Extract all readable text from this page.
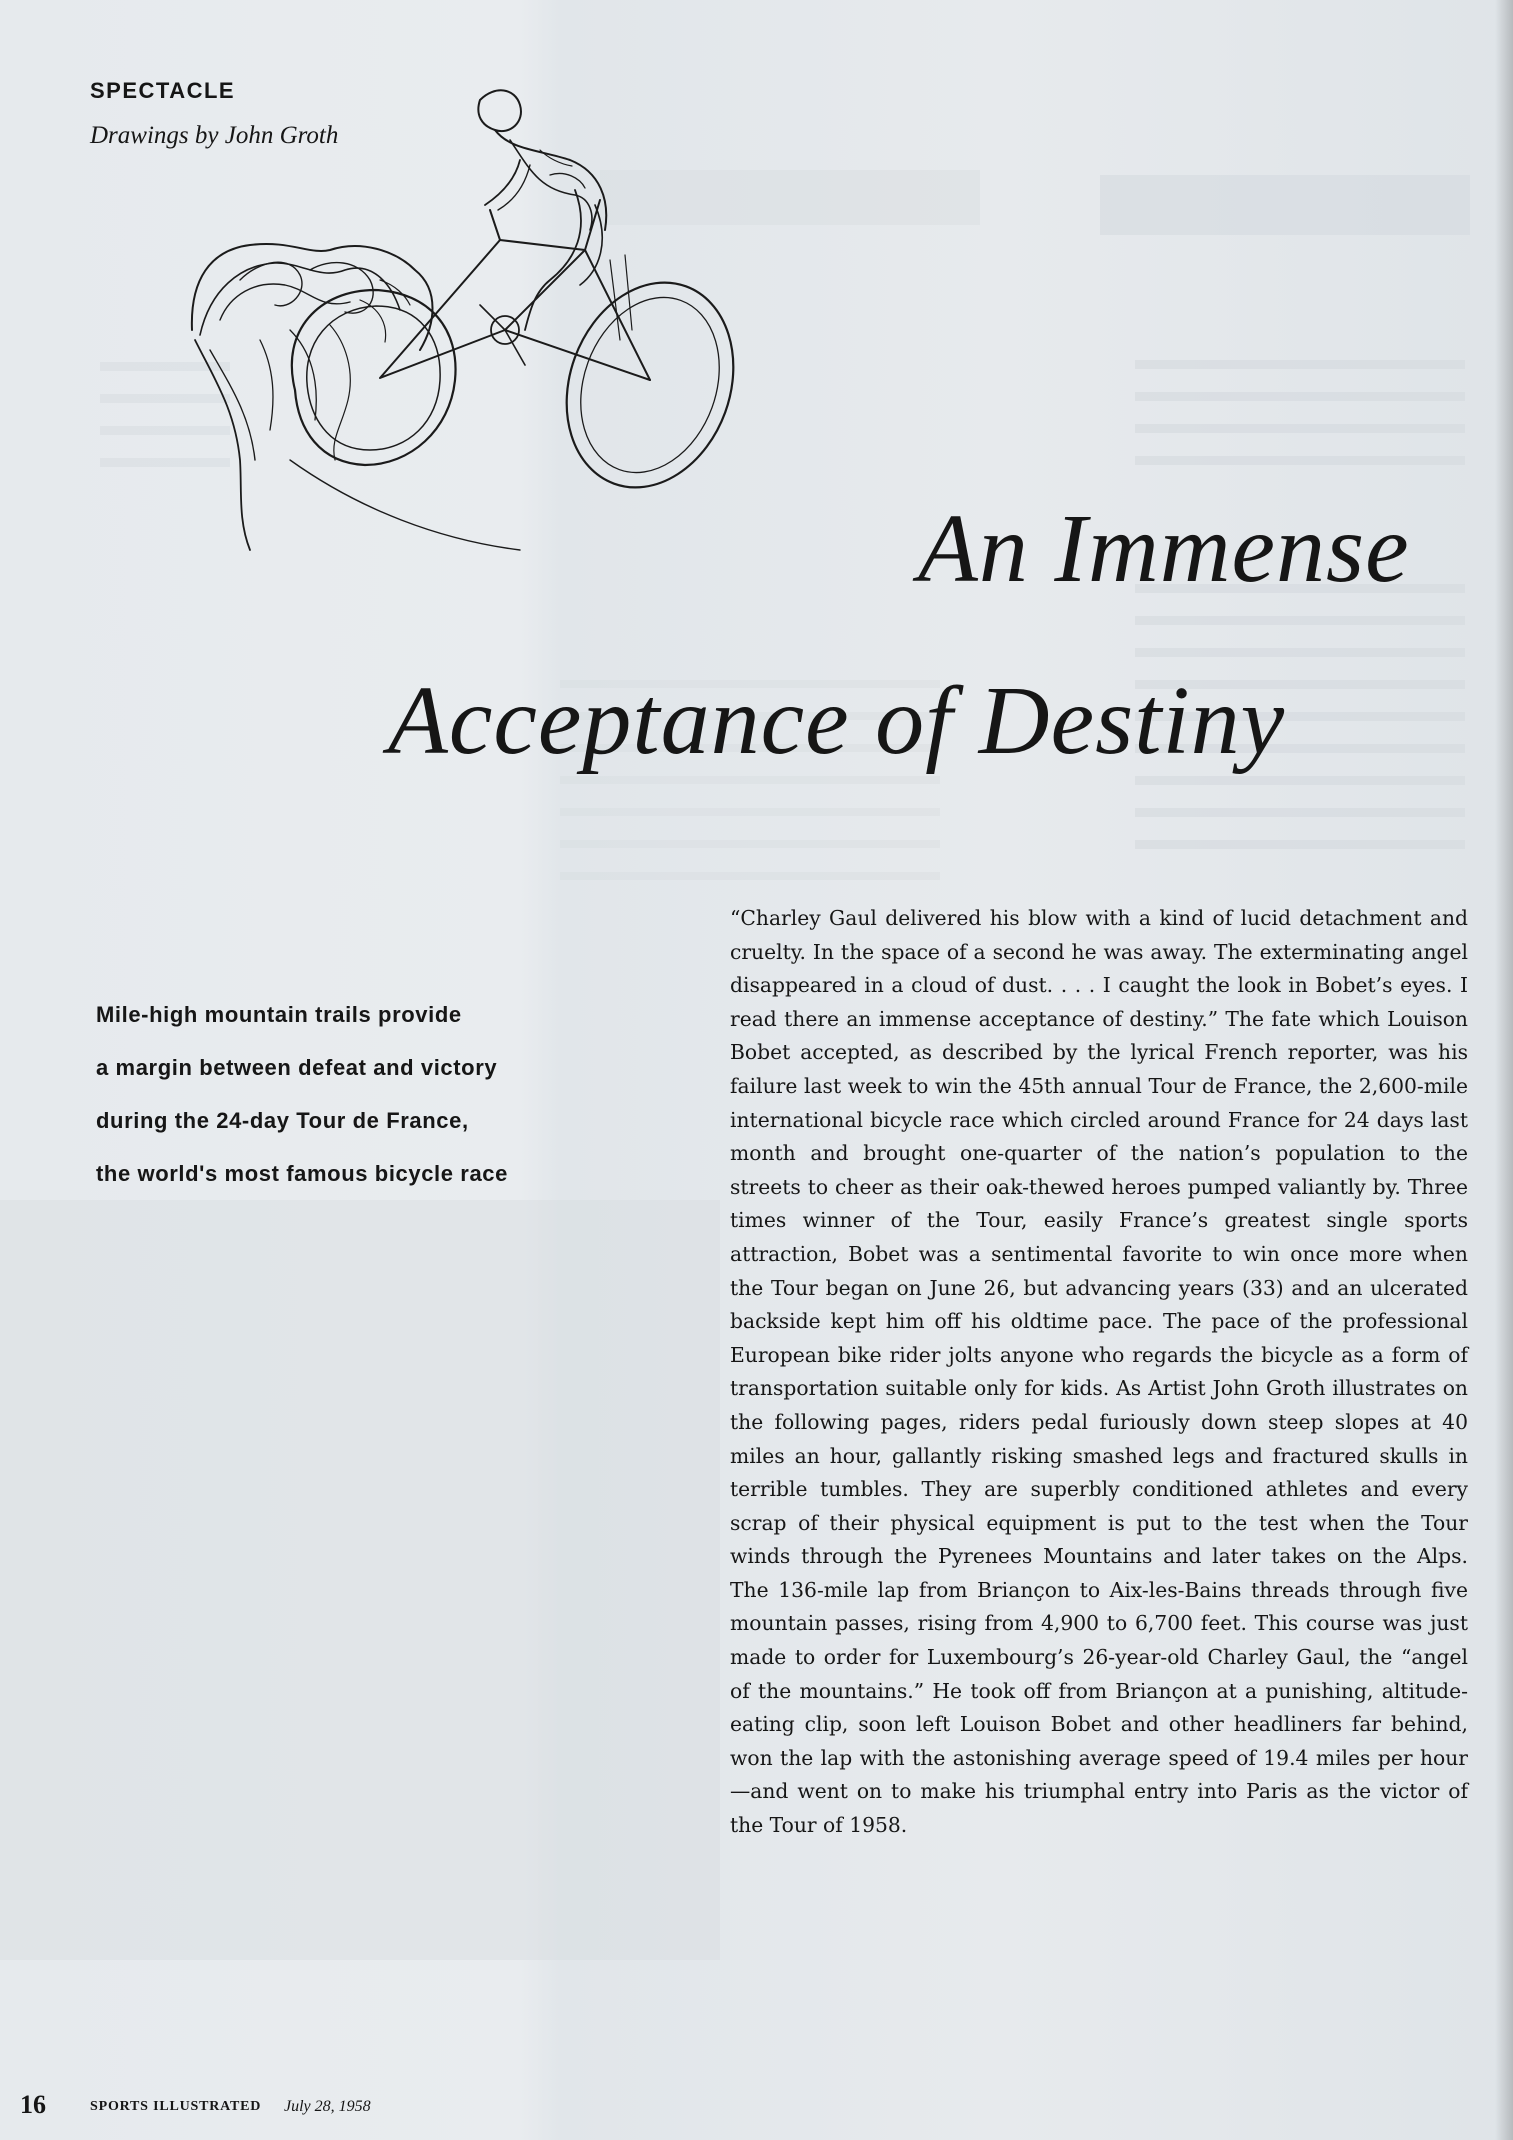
SPECTACLE
Drawings by John Groth
An Immense
Acceptance of Destiny
Mile-high mountain trails provide
a margin between defeat and victory
during the 24-day Tour de France,
the world's most famous bicycle race

“Charley Gaul delivered his blow with a kind of lucid detachment and cruelty. In the space of a second he was away. The exterminating angel disappeared in a cloud of dust. . . . I caught the look in Bobet’s eyes. I read there an immense acceptance of destiny.” The fate which Louison Bobet accepted, as described by the lyrical French reporter, was his failure last week to win the 45th annual Tour de France, the 2,600-mile international bicycle race which circled around France for 24 days last month and brought one-quarter of the nation’s population to the streets to cheer as their oak-thewed heroes pumped valiantly by. Three times winner of the Tour, easily France’s greatest single sports attraction, Bobet was a sentimental favorite to win once more when the Tour began on June 26, but advancing years (33) and an ulcerated backside kept him off his oldtime pace. The pace of the professional European bike rider jolts anyone who regards the bicycle as a form of transportation suitable only for kids. As Artist John Groth illustrates on the following pages, riders pedal furiously down steep slopes at 40 miles an hour, gallantly risking smashed legs and fractured skulls in terrible tumbles. They are superbly conditioned athletes and every scrap of their physical equipment is put to the test when the Tour winds through the Pyrenees Mountains and later takes on the Alps. The 136-mile lap from Briançon to Aix-les-Bains threads through five mountain passes, rising from 4,900 to 6,700 feet. This course was just made to order for Luxembourg’s 26-year-old Charley Gaul, the “angel of the mountains.” He took off from Briançon at a punishing, altitude-eating clip, soon left Louison Bobet and other headliners far behind, won the lap with the astonishing average speed of 19.4 miles per hour—and went on to make his triumphal entry into Paris as the victor of the Tour of 1958.

16	SPORTS ILLUSTRATED July 28, 1958
